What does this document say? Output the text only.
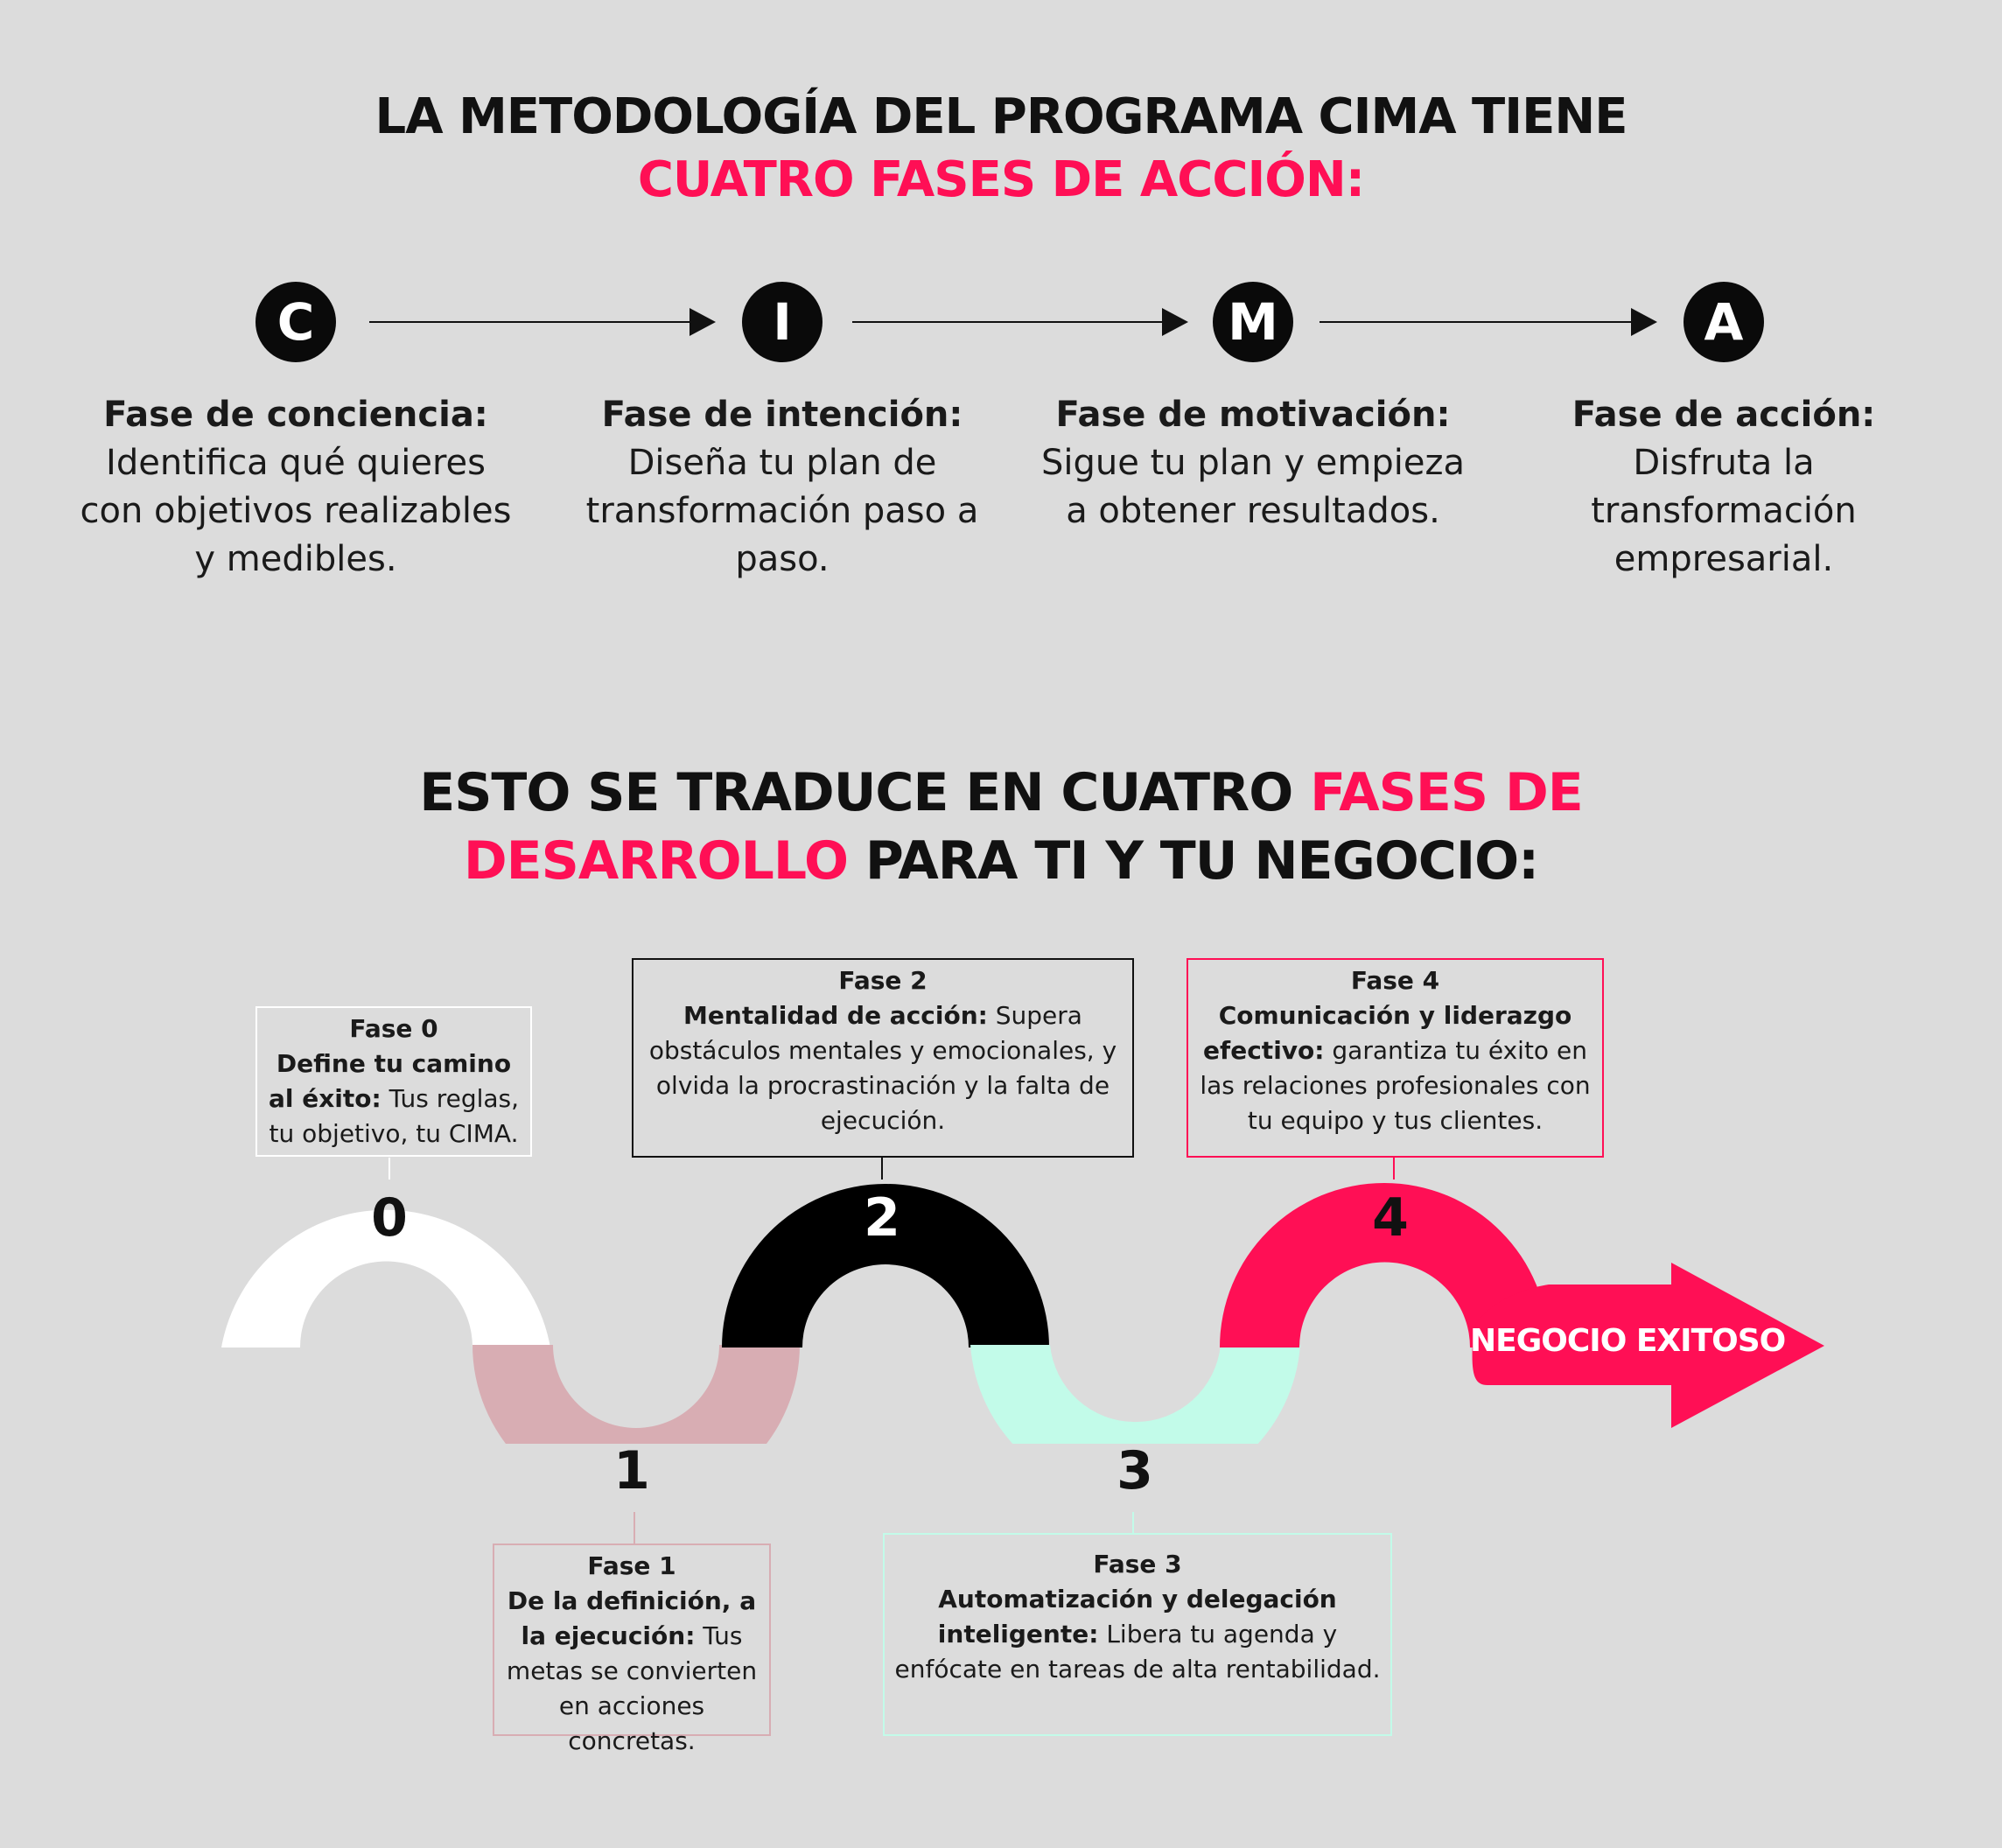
LA METODOLOGÍA DEL PROGRAMA CIMA TIENE
CUATRO FASES DE ACCIÓN:
C	I	M	A
Fase de conciencia:
Identifica qué quieres con objetivos realizables y medibles.
Fase de intención:
Diseña tu plan de transformación paso a paso.
Fase de motivación:
Sigue tu plan y empieza a obtener resultados.
Fase de acción:
Disfruta la transformación empresarial.
ESTO SE TRADUCE EN CUATRO FASES DE
DESARROLLO PARA TI Y TU NEGOCIO:
0
1
2
3
4
NEGOCIO EXITOSO
Fase 0
Define tu camino al éxito: Tus reglas, tu objetivo, tu CIMA.
Fase 2
Mentalidad de acción: Supera obstáculos mentales y emocionales, y olvida la procrastinación y la falta de ejecución.
Fase 4
Comunicación y liderazgo efectivo: garantiza tu éxito en las relaciones profesionales con tu equipo y tus clientes.
Fase 1
De la definición, a la ejecución: Tus metas se convierten en acciones concretas.
Fase 3
Automatización y delegación inteligente: Libera tu agenda y enfócate en tareas de alta rentabilidad.
